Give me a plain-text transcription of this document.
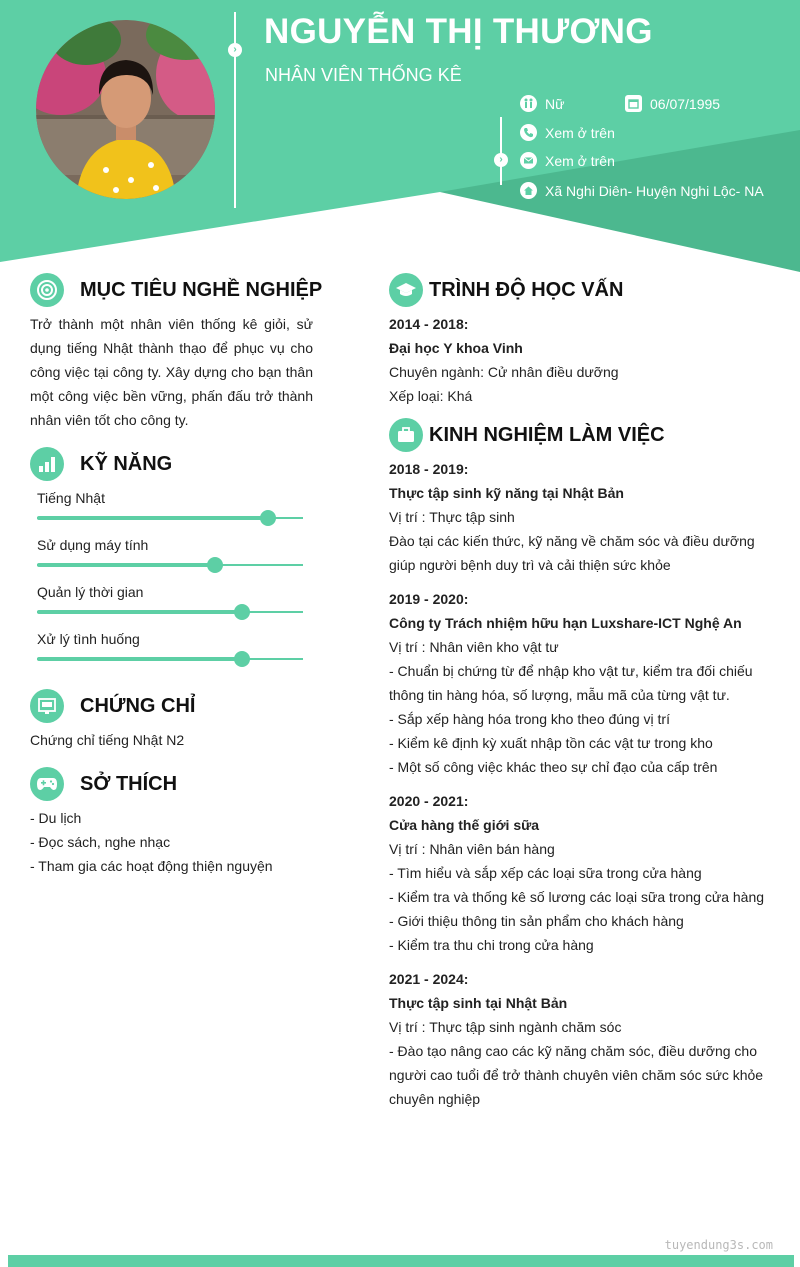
› NGUYỄN THỊ THƯƠNG
NHÂN VIÊN THỐNG KÊ
›
Nữ	06/07/1995
Xem ở trên
Xem ở trên
Xã Nghi Diên- Huyện Nghi Lộc- NA
MỤC TIÊU NGHỀ NGHIỆP
Trở thành một nhân viên thống kê giỏi, sử
dụng tiếng Nhật thành thạo để phục vụ cho
công việc tại công ty. Xây dựng cho bạn thân
một công việc bền vững, phấn đấu trở thành
nhân viên tốt cho công ty.
KỸ NĂNG
Tiếng Nhật
Sử dụng máy tính
Quản lý thời gian
Xử lý tình huống
CHỨNG CHỈ
Chứng chỉ tiếng Nhật N2
SỞ THÍCH
- Du lịch
- Đọc sách, nghe nhạc
- Tham gia các hoạt động thiện nguyện
TRÌNH ĐỘ HỌC VẤN
2014 - 2018:
Đại học Y khoa Vinh
Chuyên ngành: Cử nhân điều dưỡng
Xếp loại: Khá
KINH NGHIỆM LÀM VIỆC
2018 - 2019:
Thực tập sinh kỹ năng tại Nhật Bản
Vị trí : Thực tập sinh
Đào tại các kiến thức, kỹ năng về chăm sóc và điều dưỡng
giúp người bệnh duy trì và cải thiện sức khỏe
2019 - 2020:
Công ty Trách nhiệm hữu hạn Luxshare-ICT Nghệ An
Vị trí : Nhân viên kho vật tư
- Chuẩn bị chứng từ để nhập kho vật tư, kiểm tra đối chiếu
thông tin hàng hóa, số lượng, mẫu mã của từng vật tư.
- Sắp xếp hàng hóa trong kho theo đúng vị trí
- Kiểm kê định kỳ xuất nhập tồn các vật tư trong kho
- Một số công việc khác theo sự chỉ đạo của cấp trên
2020 - 2021:
Cửa hàng thế giới sữa
Vị trí : Nhân viên bán hàng
- Tìm hiểu và sắp xếp các loại sữa trong cửa hàng
- Kiểm tra và thống kê số lương các loại sữa trong cửa hàng
- Giới thiệu thông tin sản phẩm cho khách hàng
- Kiểm tra thu chi trong cửa hàng
2021 - 2024:
Thực tập sinh tại Nhật Bản
Vị trí : Thực tập sinh ngành chăm sóc
- Đào tạo nâng cao các kỹ năng chăm sóc, điều dưỡng cho
người cao tuổi để trở thành chuyên viên chăm sóc sức khỏe
chuyên nghiệp
tuyendung3s.com
